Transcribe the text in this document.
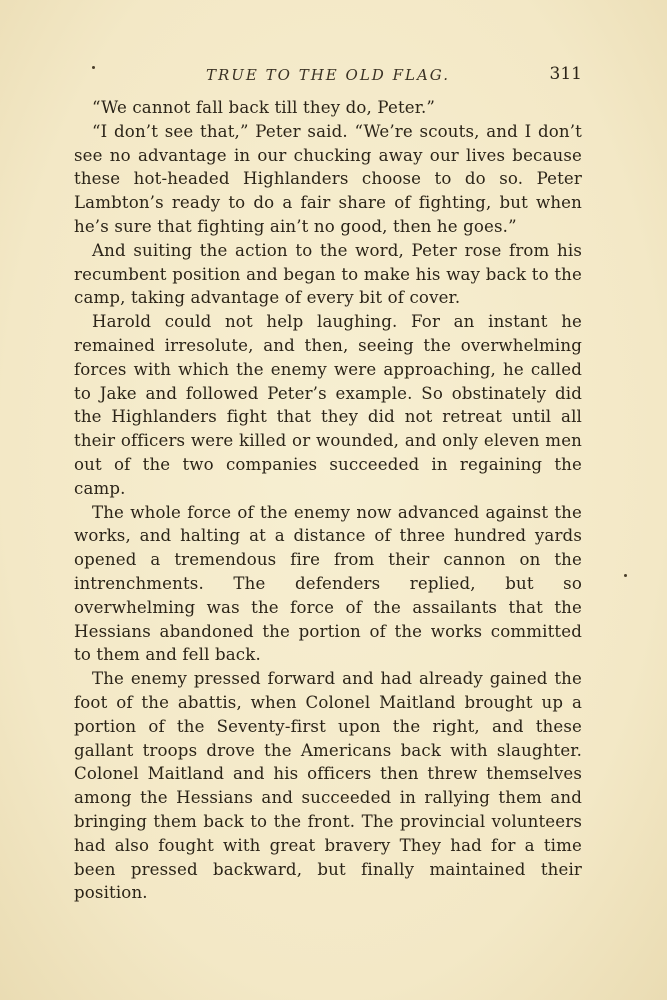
TRUE TO THE OLD FLAG.	311

“We cannot fall back till they do, Peter.”

“I don’t see that,” Peter said. “We’re scouts, and I don’t see no advantage in our chucking away our lives because these hot-headed Highlanders choose to do so. Peter Lambton’s ready to do a fair share of fighting, but when he’s sure that fighting ain’t no good, then he goes.”

And suiting the action to the word, Peter rose from his recumbent position and began to make his way back to the camp, taking advantage of every bit of cover.

Harold could not help laughing. For an instant he remained irresolute, and then, seeing the overwhelming forces with which the enemy were approaching, he called to Jake and followed Peter’s example. So obstinately did the Highlanders fight that they did not retreat until all their officers were killed or wounded, and only eleven men out of the two companies succeeded in regaining the camp.

The whole force of the enemy now advanced against the works, and halting at a distance of three hundred yards opened a tremendous fire from their cannon on the intrenchments. The defenders replied, but so overwhelming was the force of the assailants that the Hessians abandoned the portion of the works committed to them and fell back.

The enemy pressed forward and had already gained the foot of the abattis, when Colonel Maitland brought up a portion of the Seventy-first upon the right, and these gallant troops drove the Americans back with slaughter. Colonel Maitland and his officers then threw themselves among the Hessians and succeeded in rallying them and bringing them back to the front. The provincial volunteers had also fought with great bravery They had for a time been pressed backward, but finally maintained their position.
